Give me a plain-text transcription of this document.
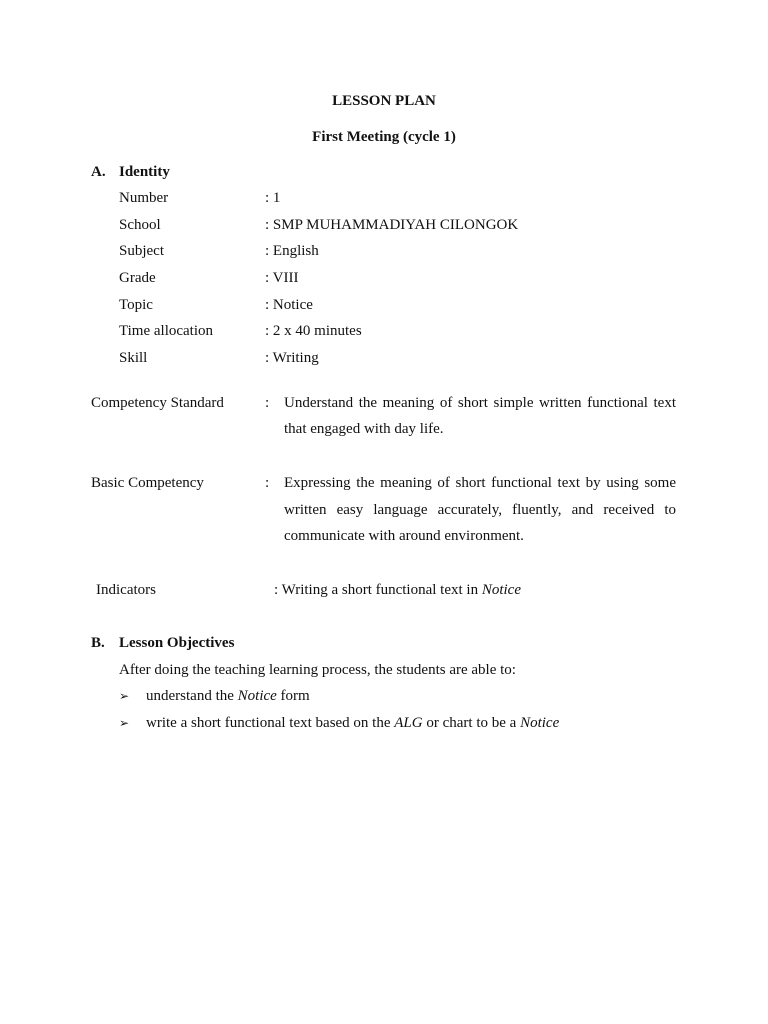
LESSON PLAN
First Meeting (cycle 1)
A. Identity
Number	: 1
School	: SMP MUHAMMADIYAH CILONGOK
Subject	: English
Grade	: VIII
Topic	: Notice
Time allocation	: 2 x 40 minutes
Skill	: Writing
Competency Standard	: Understand the meaning of short simple written functional text
that engaged with day life.
Basic Competency	: Expressing the meaning of short functional text by using some
written easy language accurately, fluently, and received to
communicate with around environment.
Indicators	: Writing a short functional text in Notice
B. Lesson Objectives
After doing the teaching learning process, the students are able to:
➢ understand the Notice form
➢ write a short functional text based on the ALG or chart to be a Notice
